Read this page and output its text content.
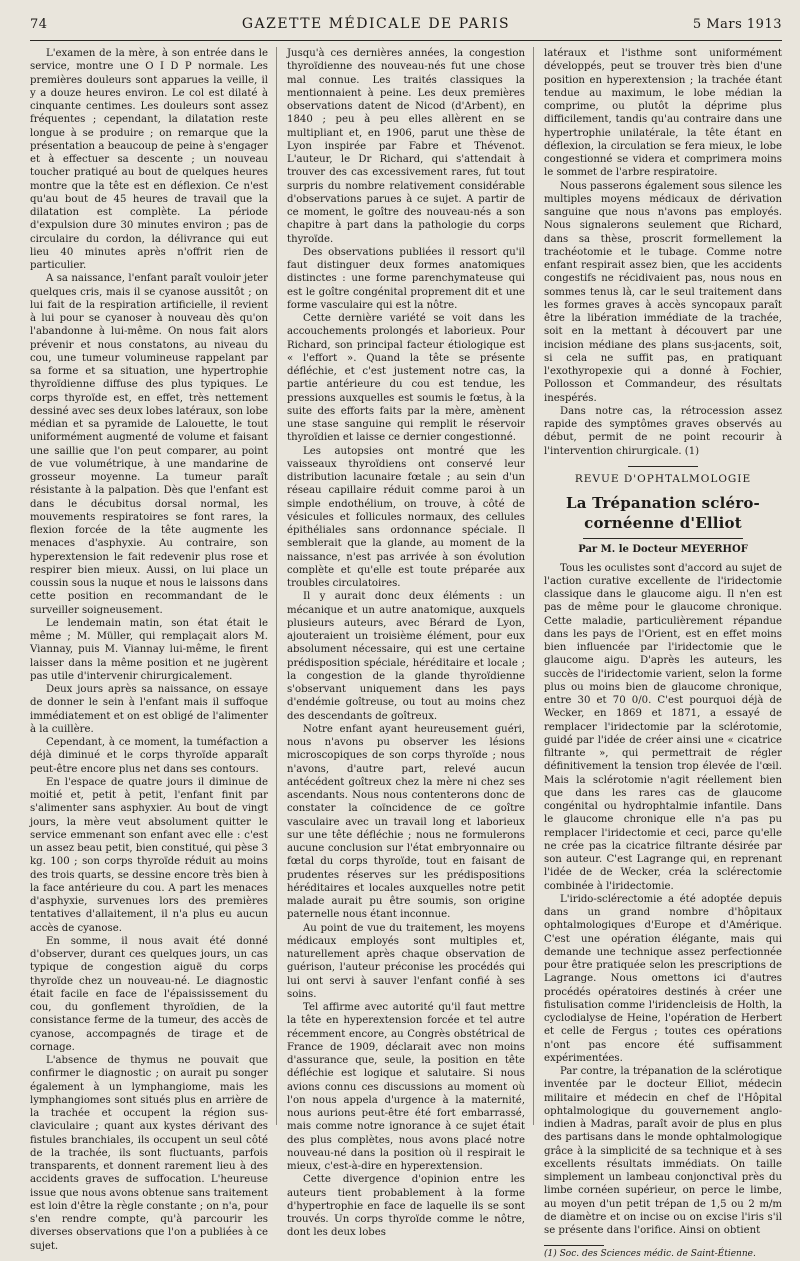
74	GAZETTE MÉDICALE DE PARIS	5 Mars 1913

L'examen de la mère, à son entrée dans le service, montre une O I D P normale. Les premières douleurs sont apparues la veille, il y a douze heures environ. Le col est dilaté à cinquante centimes. Les douleurs sont assez fréquentes ; cependant, la dilatation reste longue à se produire ; on remarque que la présentation a beaucoup de peine à s'engager et à effectuer sa descente ; un nouveau toucher pratiqué au bout de quelques heures montre que la tête est en déflexion. Ce n'est qu'au bout de 45 heures de travail que la dilatation est complète. La période d'expulsion dure 30 minutes environ ; pas de circulaire du cordon, la délivrance qui eut lieu 40 minutes après n'offrit rien de particulier.

A sa naissance, l'enfant paraît vouloir jeter quelques cris, mais il se cyanose aussitôt ; on lui fait de la respiration artificielle, il revient à lui pour se cyanoser à nouveau dès qu'on l'abandonne à lui-même. On nous fait alors prévenir et nous constatons, au niveau du cou, une tumeur volumineuse rappelant par sa forme et sa situation, une hypertrophie thyroïdienne diffuse des plus typiques. Le corps thyroïde est, en effet, très nettement dessiné avec ses deux lobes latéraux, son lobe médian et sa pyramide de Lalouette, le tout uniformément augmenté de volume et faisant une saillie que l'on peut comparer, au point de vue volumétrique, à une mandarine de grosseur moyenne. La tumeur paraît résistante à la palpation. Dès que l'enfant est dans le décubitus dorsal normal, les mouvements respiratoires se font rares, la flexion forcée de la tête augmente les menaces d'asphyxie. Au contraire, son hyperextension le fait redevenir plus rose et respirer bien mieux. Aussi, on lui place un coussin sous la nuque et nous le laissons dans cette position en recommandant de le surveiller soigneusement.

Le lendemain matin, son état était le même ; M. Müller, qui remplaçait alors M. Viannay, puis M. Viannay lui-même, le firent laisser dans la même position et ne jugèrent pas utile d'intervenir chirurgicalement.

Deux jours après sa naissance, on essaye de donner le sein à l'enfant mais il suffoque immédiatement et on est obligé de l'alimenter à la cuillère.

Cependant, à ce moment, la tuméfaction a déjà diminué et le corps thyroïde apparaît peut-être encore plus net dans ses contours.

En l'espace de quatre jours il diminue de moitié et, petit à petit, l'enfant finit par s'alimenter sans asphyxier. Au bout de vingt jours, la mère veut absolument quitter le service emmenant son enfant avec elle : c'est un assez beau petit, bien constitué, qui pèse 3 kg. 100 ; son corps thyroïde réduit au moins des trois quarts, se dessine encore très bien à la face antérieure du cou. A part les menaces d'asphyxie, survenues lors des premières tentatives d'allaitement, il n'a plus eu aucun accès de cyanose.

En somme, il nous avait été donné d'observer, durant ces quelques jours, un cas typique de congestion aiguë du corps thyroïde chez un nouveau-né. Le diagnostic était facile en face de l'épaississement du cou, du gonflement thyroïdien, de la consistance ferme de la tumeur, des accès de cyanose, accompagnés de tirage et de cornage.

L'absence de thymus ne pouvait que confirmer le diagnostic ; on aurait pu songer également à un lymphangiome, mais les lymphangiomes sont situés plus en arrière de la trachée et occupent la région sus-claviculaire ; quant aux kystes dérivant des fistules branchiales, ils occupent un seul côté de la trachée, ils sont fluctuants, parfois transparents, et donnent rarement lieu à des accidents graves de suffocation. L'heureuse issue que nous avons obtenue sans traitement est loin d'être la règle constante ; on n'a, pour s'en rendre compte, qu'à parcourir les diverses observations que l'on a publiées à ce sujet.

Jusqu'à ces dernières années, la congestion thyroïdienne des nouveau-nés fut une chose mal connue. Les traités classiques la mentionnaient à peine. Les deux premières observations datent de Nicod (d'Arbent), en 1840 ; peu à peu elles allèrent en se multipliant et, en 1906, parut une thèse de Lyon inspirée par Fabre et Thévenot. L'auteur, le Dr Richard, qui s'attendait à trouver des cas excessivement rares, fut tout surpris du nombre relativement considérable d'observations parues à ce sujet. A partir de ce moment, le goître des nouveau-nés a son chapitre à part dans la pathologie du corps thyroïde.

Des observations publiées il ressort qu'il faut distinguer deux formes anatomiques distinctes : une forme parenchymateuse qui est le goître congénital proprement dit et une forme vasculaire qui est la nôtre.

Cette dernière variété se voit dans les accouchements prolongés et laborieux. Pour Richard, son principal facteur étiologique est « l'effort ». Quand la tête se présente défléchie, et c'est justement notre cas, la partie antérieure du cou est tendue, les pressions auxquelles est soumis le fœtus, à la suite des efforts faits par la mère, amènent une stase sanguine qui remplit le réservoir thyroïdien et laisse ce dernier congestionné.

Les autopsies ont montré que les vaisseaux thyroïdiens ont conservé leur distribution lacunaire fœtale ; au sein d'un réseau capillaire réduit comme paroi à un simple endothélium, on trouve, à côté de vésicules et follicules normaux, des cellules épithéliales sans ordonnance spéciale. Il semblerait que la glande, au moment de la naissance, n'est pas arrivée à son évolution complète et qu'elle est toute préparée aux troubles circulatoires.

Il y aurait donc deux éléments : un mécanique et un autre anatomique, auxquels plusieurs auteurs, avec Bérard de Lyon, ajouteraient un troisième élément, pour eux absolument nécessaire, qui est une certaine prédisposition spéciale, héréditaire et locale ; la congestion de la glande thyroïdienne s'observant uniquement dans les pays d'endémie goîtreuse, ou tout au moins chez des descendants de goîtreux.

Notre enfant ayant heureusement guéri, nous n'avons pu observer les lésions microscopiques de son corps thyroïde ; nous n'avons, d'autre part, relevé aucun antécédent goîtreux chez la mère ni chez ses ascendants. Nous nous contenterons donc de constater la coïncidence de ce goître vasculaire avec un travail long et laborieux sur une tête défléchie ; nous ne formulerons aucune conclusion sur l'état embryonnaire ou fœtal du corps thyroïde, tout en faisant de prudentes réserves sur les prédispositions héréditaires et locales auxquelles notre petit malade aurait pu être soumis, son origine paternelle nous étant inconnue.

Au point de vue du traitement, les moyens médicaux employés sont multiples et, naturellement après chaque observation de guérison, l'auteur préconise les procédés qui lui ont servi à sauver l'enfant confié à ses soins.

Tel affirme avec autorité qu'il faut mettre la tête en hyperextension forcée et tel autre récemment encore, au Congrès obstétrical de France de 1909, déclarait avec non moins d'assurance que, seule, la position en tête défléchie est logique et salutaire. Si nous avions connu ces discussions au moment où l'on nous appela d'urgence à la maternité, nous aurions peut-être été fort embarrassé, mais comme notre ignorance à ce sujet était des plus complètes, nous avons placé notre nouveau-né dans la position où il respirait le mieux, c'est-à-dire en hyperextension.

Cette divergence d'opinion entre les auteurs tient probablement à la forme d'hypertrophie en face de laquelle ils se sont trouvés. Un corps thyroïde comme le nôtre, dont les deux lobes

latéraux et l'isthme sont uniformément développés, peut se trouver très bien d'une position en hyperextension ; la trachée étant tendue au maximum, le lobe médian la comprime, ou plutôt la déprime plus difficilement, tandis qu'au contraire dans une hypertrophie unilatérale, la tête étant en déflexion, la circulation se fera mieux, le lobe congestionné se videra et comprimera moins le sommet de l'arbre respiratoire.

Nous passerons également sous silence les multiples moyens médicaux de dérivation sanguine que nous n'avons pas employés. Nous signalerons seulement que Richard, dans sa thèse, proscrit formellement la trachéotomie et le tubage. Comme notre enfant respirait assez bien, que les accidents congestifs ne récidivaient pas, nous nous en sommes tenus là, car le seul traitement dans les formes graves à accès syncopaux paraît être la libération immédiate de la trachée, soit en la mettant à découvert par une incision médiane des plans sus-jacents, soit, si cela ne suffit pas, en pratiquant l'exothyropexie qui a donné à Fochier, Pollosson et Commandeur, des résultats inespérés.

Dans notre cas, la rétrocession assez rapide des symptômes graves observés au début, permit de ne point recourir à l'intervention chirurgicale. (1)

REVUE D'OPHTALMOLOGIE
La Trépanation scléro-cornéenne d'Elliot
Par M. le Docteur MEYERHOF

Tous les oculistes sont d'accord au sujet de l'action curative excellente de l'iridectomie classique dans le glaucome aigu. Il n'en est pas de même pour le glaucome chronique. Cette maladie, particulièrement répandue dans les pays de l'Orient, est en effet moins bien influencée par l'iridectomie que le glaucome aigu. D'après les auteurs, les succès de l'iridectomie varient, selon la forme plus ou moins bien de glaucome chronique, entre 30 et 70 0/0. C'est pourquoi déjà de Wecker, en 1869 et 1871, a essayé de remplacer l'iridectomie par la sclérotomie, guidé par l'idée de créer ainsi une « cicatrice filtrante », qui permettrait de régler définitivement la tension trop élevée de l'œil. Mais la sclérotomie n'agit réellement bien que dans les rares cas de glaucome congénital ou hydrophtalmie infantile. Dans le glaucome chronique elle n'a pas pu remplacer l'iridectomie et ceci, parce qu'elle ne crée pas la cicatrice filtrante désirée par son auteur. C'est Lagrange qui, en reprenant l'idée de de Wecker, créa la sclérectomie combinée à l'iridectomie.

L'irido-sclérectomie a été adoptée depuis dans un grand nombre d'hôpitaux ophtalmologiques d'Europe et d'Amérique. C'est une opération élégante, mais qui demande une technique assez perfectionnée pour être pratiquée selon les prescriptions de Lagrange. Nous omettons ici d'autres procédés opératoires destinés à créer une fistulisation comme l'iridencleisis de Holth, la cyclodialyse de Heine, l'opération de Herbert et celle de Fergus ; toutes ces opérations n'ont pas encore été suffisamment expérimentées.

Par contre, la trépanation de la sclérotique inventée par le docteur Elliot, médecin militaire et médecin en chef de l'Hôpital ophtalmologique du gouvernement anglo-indien à Madras, paraît avoir de plus en plus des partisans dans le monde ophtalmologique grâce à la simplicité de sa technique et à ses excellents résultats immédiats. On taille simplement un lambeau conjonctival près du limbe cornéen supérieur, on perce le limbe, au moyen d'un petit trépan de 1,5 ou 2 m/m de diamètre et on incise ou on excise l'iris s'il se présente dans l'orifice. Ainsi on obtient

(1) Soc. des Sciences médic. de Saint-Étienne.
